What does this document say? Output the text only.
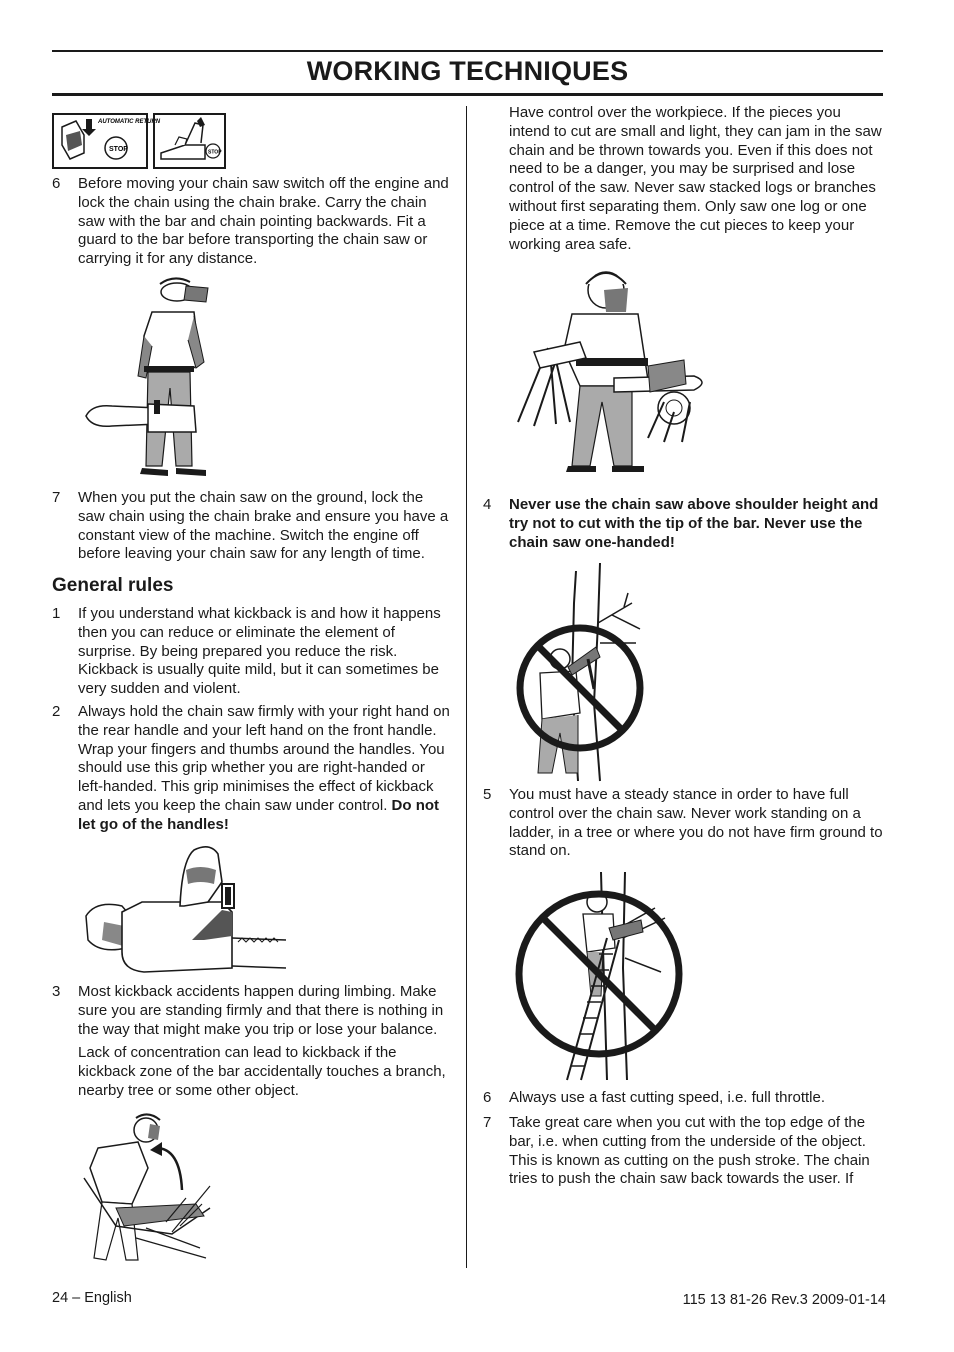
WORKING TECHNIQUES
AUTOMATIC RETURN
STOP	STOP
6 Before moving your chain saw switch off the engine and lock the chain using the chain brake. Carry the chain saw with the bar and chain pointing backwards. Fit a guard to the bar before transporting the chain saw or carrying it for any distance.
7 When you put the chain saw on the ground, lock the saw chain using the chain brake and ensure you have a constant view of the machine. Switch the engine off before leaving your chain saw for any length of time.
General rules
1 If you understand what kickback is and how it happens then you can reduce or eliminate the element of surprise. By being prepared you reduce the risk. Kickback is usually quite mild, but it can sometimes be very sudden and violent.
2 Always hold the chain saw firmly with your right hand on the rear handle and your left hand on the front handle. Wrap your fingers and thumbs around the handles. You should use this grip whether you are right-handed or left-handed. This grip minimises the effect of kickback and lets you keep the chain saw under control. Do not let go of the handles!
3 Most kickback accidents happen during limbing. Make sure you are standing firmly and that there is nothing in the way that might make you trip or lose your balance.
Lack of concentration can lead to kickback if the kickback zone of the bar accidentally touches a branch, nearby tree or some other object.
Have control over the workpiece. If the pieces you intend to cut are small and light, they can jam in the saw chain and be thrown towards you. Even if this does not need to be a danger, you may be surprised and lose control of the saw. Never saw stacked logs or branches without first separating them. Only saw one log or one piece at a time. Remove the cut pieces to keep your working area safe.
4 Never use the chain saw above shoulder height and try not to cut with the tip of the bar. Never use the chain saw one-handed!
5 You must have a steady stance in order to have full control over the chain saw. Never work standing on a ladder, in a tree or where you do not have firm ground to stand on.
6 Always use a fast cutting speed, i.e. full throttle.
7 Take great care when you cut with the top edge of the bar, i.e. when cutting from the underside of the object. This is known as cutting on the push stroke. The chain tries to push the chain saw back towards the user. If
24 – English	115 13 81-26 Rev.3 2009-01-14
